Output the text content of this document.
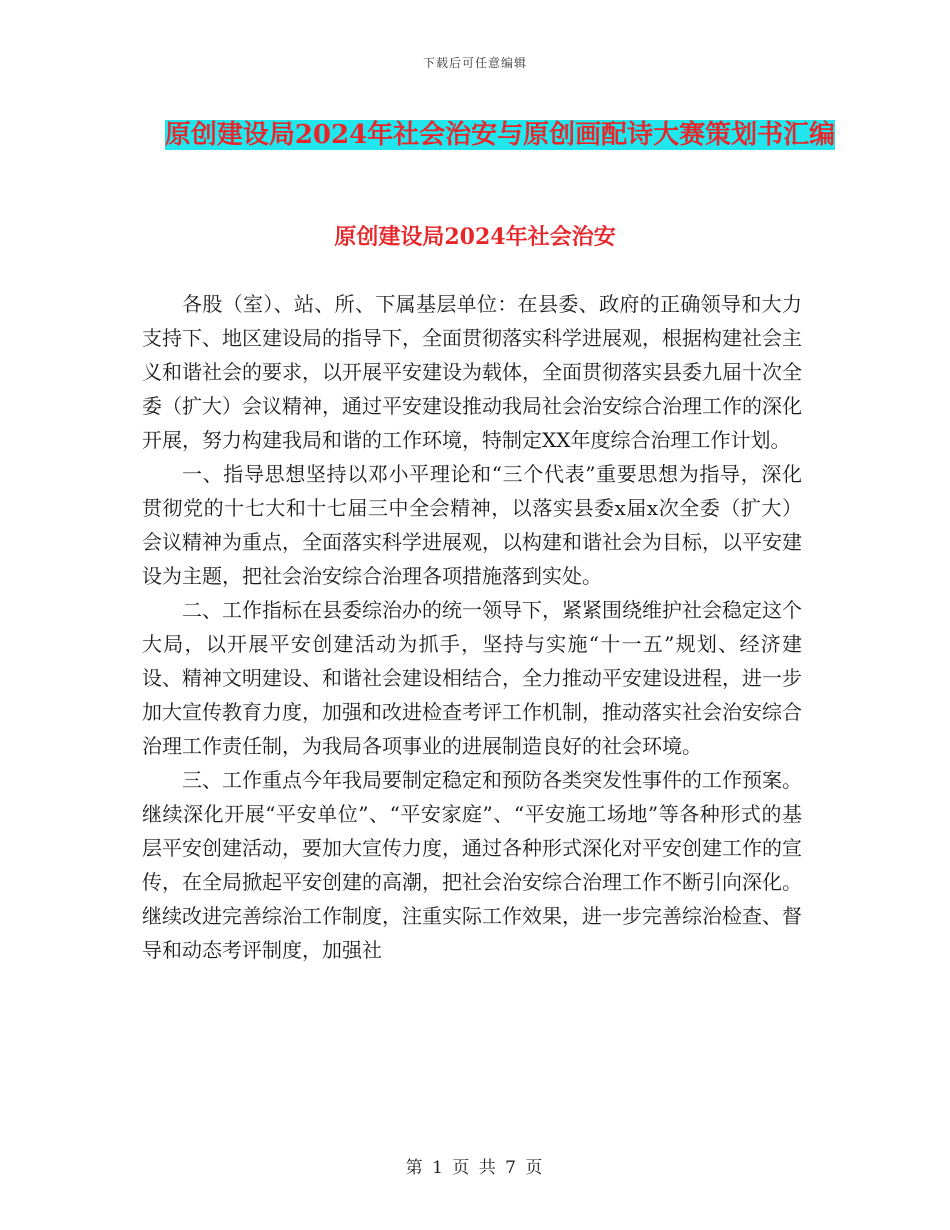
下载后可任意编辑
原创建设局2024年社会治安与原创画配诗大赛策划书汇编
原创建设局2024年社会治安

各股（室）、站、所、下属基层单位：在县委、政府的正确领导和大力支持下、地区建设局的指导下，全面贯彻落实科学进展观，根据构建社会主义和谐社会的要求，以开展平安建设为载体，全面贯彻落实县委九届十次全委（扩大）会议精神，通过平安建设推动我局社会治安综合治理工作的深化开展，努力构建我局和谐的工作环境，特制定XX年度综合治理工作计划。

一、指导思想坚持以邓小平理论和“三个代表”重要思想为指导，深化贯彻党的十七大和十七届三中全会精神，以落实县委x届x次全委（扩大）会议精神为重点，全面落实科学进展观，以构建和谐社会为目标，以平安建设为主题，把社会治安综合治理各项措施落到实处。

二、工作指标在县委综治办的统一领导下，紧紧围绕维护社会稳定这个大局，以开展平安创建活动为抓手，坚持与实施“十一五”规划、经济建设、精神文明建设、和谐社会建设相结合，全力推动平安建设进程，进一步加大宣传教育力度，加强和改进检查考评工作机制，推动落实社会治安综合治理工作责任制，为我局各项事业的进展制造良好的社会环境。

三、工作重点今年我局要制定稳定和预防各类突发性事件的工作预案。继续深化开展“平安单位”、“平安家庭”、“平安施工场地”等各种形式的基层平安创建活动，要加大宣传力度，通过各种形式深化对平安创建工作的宣传，在全局掀起平安创建的高潮，把社会治安综合治理工作不断引向深化。继续改进完善综治工作制度，注重实际工作效果，进一步完善综治检查、督导和动态考评制度，加强社

第 1 页 共 7 页
